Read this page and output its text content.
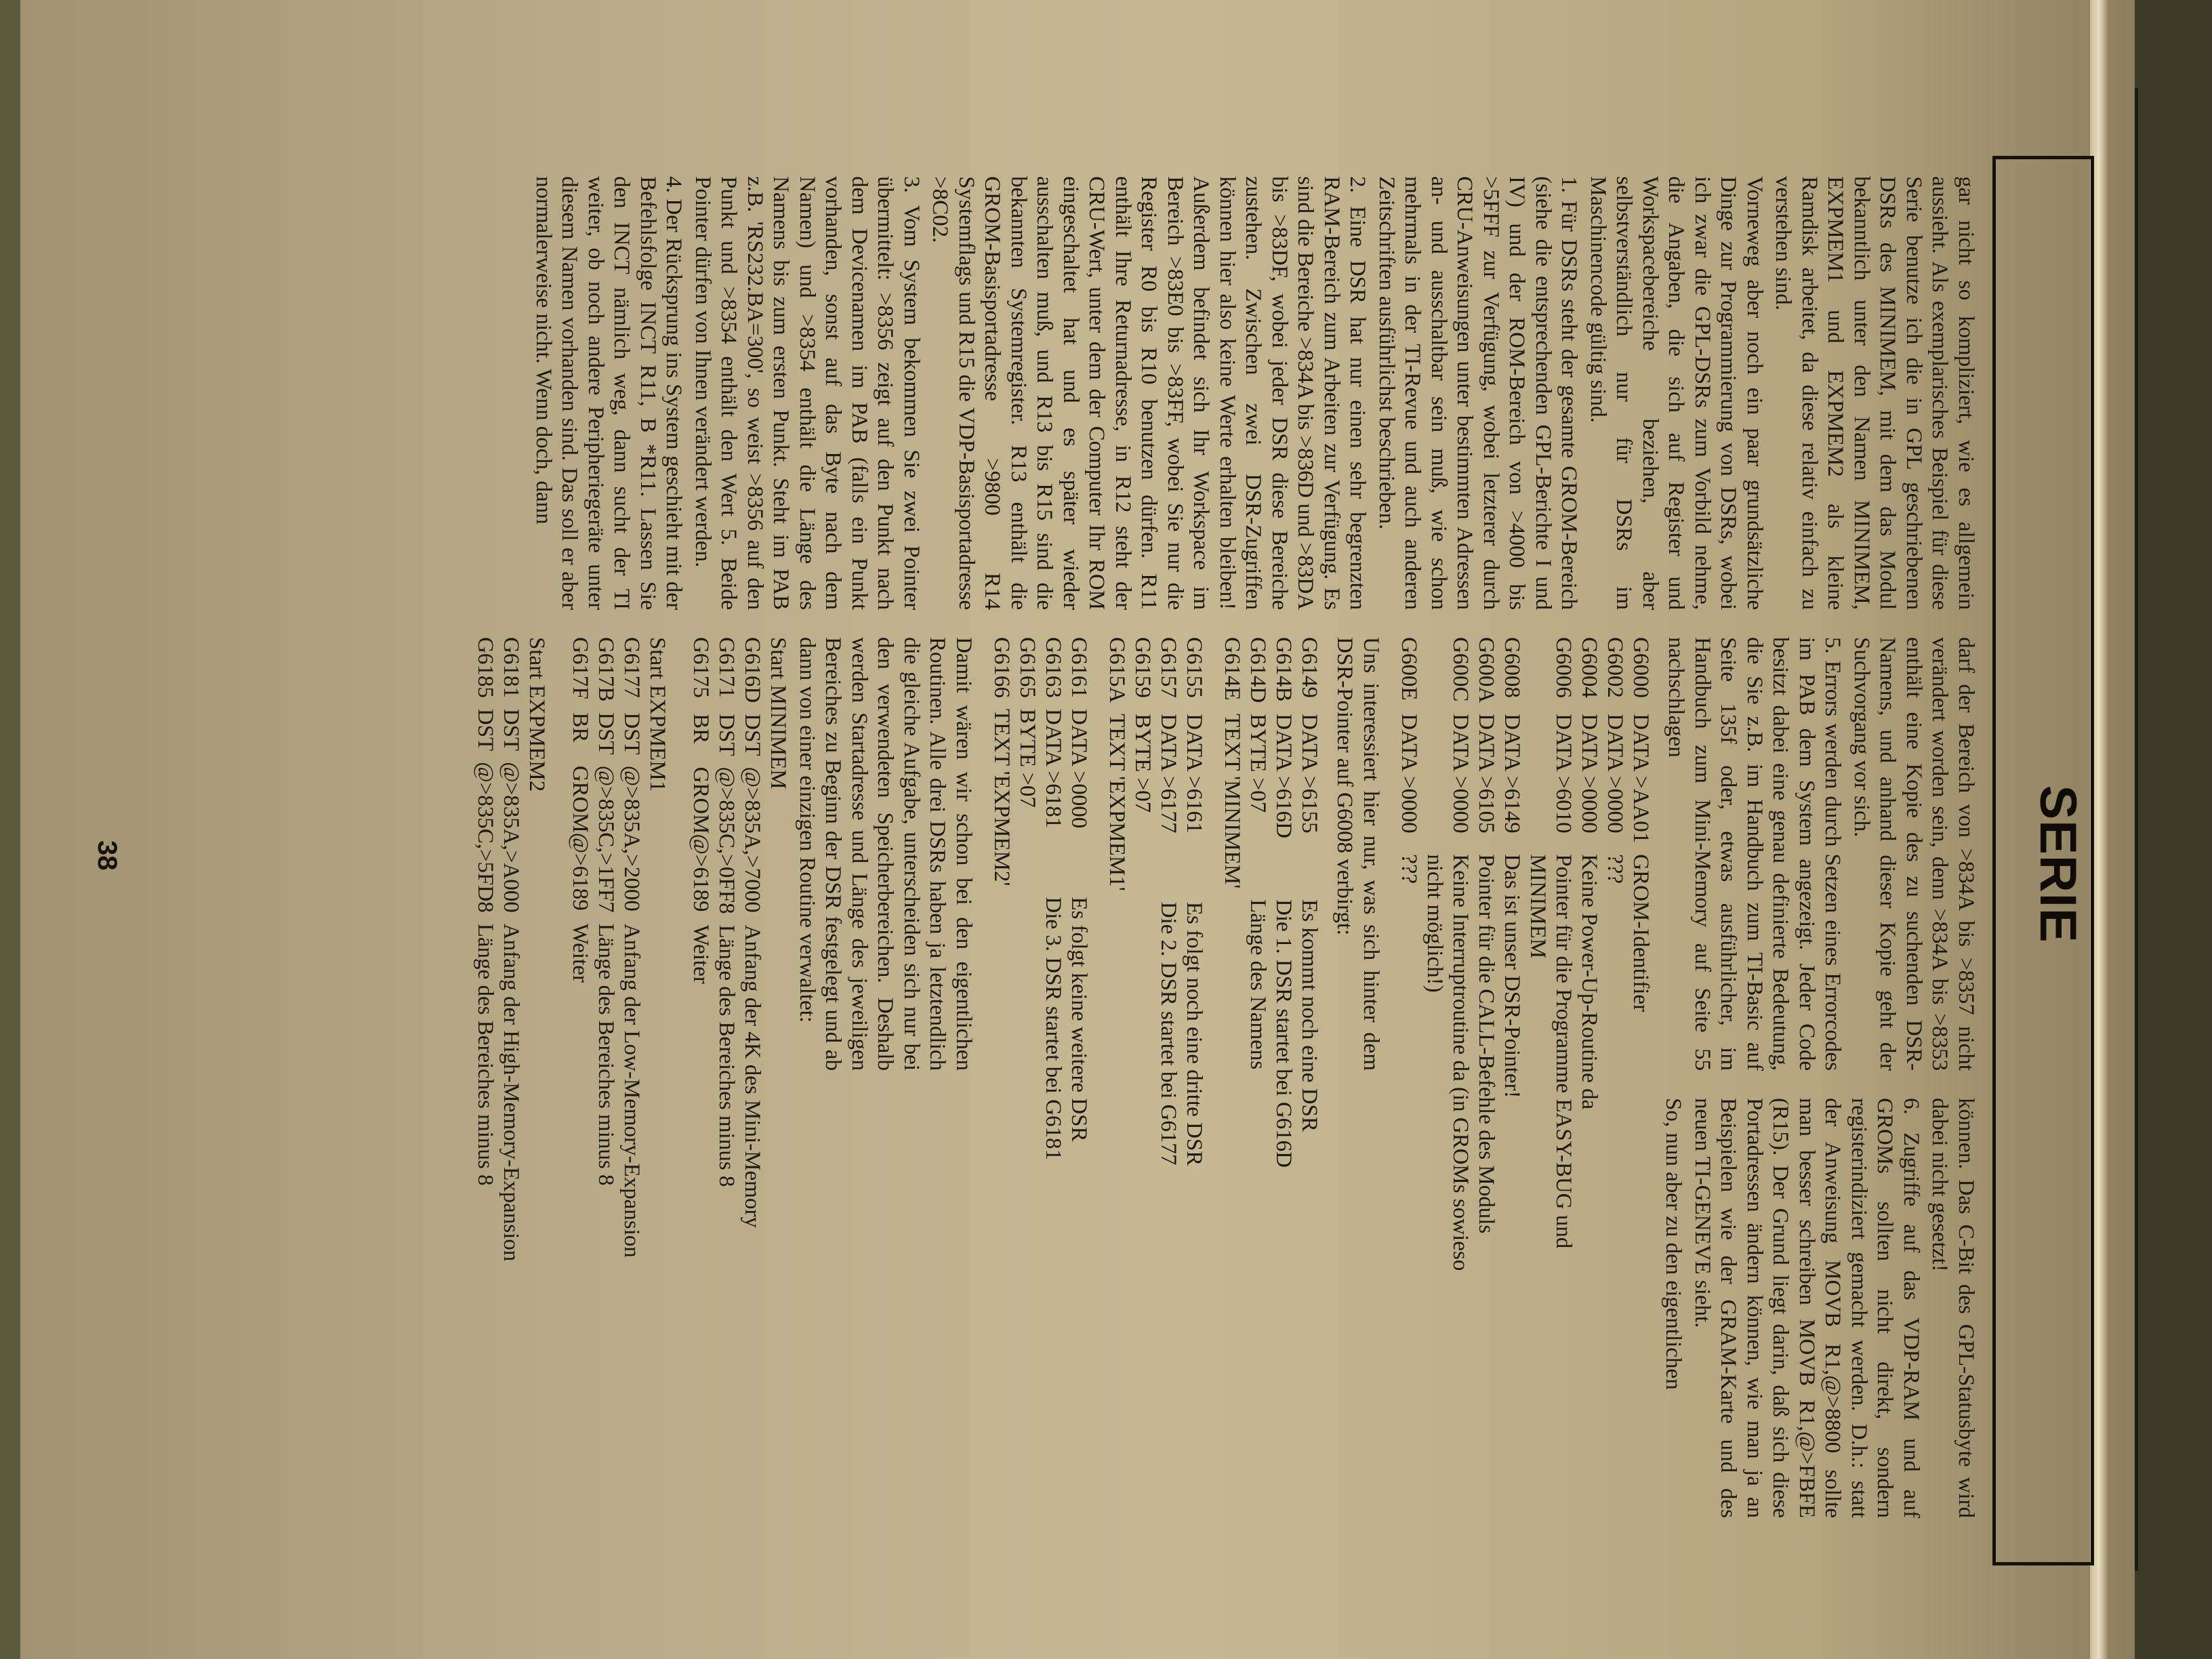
SERIE

gar nicht so kompliziert, wie es allgemein aussieht. Als exemplarisches Beispiel für diese Serie benutze ich die in GPL geschriebenen DSRs des MINIMEM, mit dem das Modul bekanntlich unter den Namen MINIMEM, EXPMEM1 und EXPMEM2 als kleine Ramdisk arbeitet, da diese relativ einfach zu verstehen sind.

Vorneweg aber noch ein paar grundsätzliche Dinge zur Programmierung von DSRs, wobei ich zwar die GPL-DSRs zum Vorbild nehme, die Angaben, die sich auf Register und Workspacebereiche beziehen, aber selbstverständlich nur für DSRs im Maschinencode gültig sind.

1. Für DSRs steht der gesamte GROM-Bereich (siehe die entsprechenden GPL-Berichte I und IV) und der ROM-Bereich von >4000 bis >5FFF zur Verfügung, wobei letzterer durch CRU-Anweisungen unter bestimmten Adressen an- und ausschaltbar sein muß, wie schon mehrmals in der TI-Revue und auch anderen Zeitschriften ausführlichst beschrieben.

2. Eine DSR hat nur einen sehr begrenzten RAM-Bereich zum Arbeiten zur Verfügung. Es sind die Bereiche >834A bis >836D und >83DA bis >83DF, wobei jeder DSR diese Bereiche zustehen. Zwischen zwei DSR-Zugriffen können hier also keine Werte erhalten bleiben! Außerdem befindet sich Ihr Workspace im Bereich >83E0 bis >83FF, wobei Sie nur die Register R0 bis R10 benutzen dürfen. R11 enthält Ihre Returnadresse, in R12 steht der CRU-Wert, unter dem der Computer Ihr ROM eingeschaltet hat und es später wieder ausschalten muß, und R13 bis R15 sind die bekannten Systemregister. R13 enthält die GROM-Basisportadresse >9800 R14 Systemflags und R15 die VDP-Basisportadresse >8C02.

3. Vom System bekommen Sie zwei Pointer übermittelt: >8356 zeigt auf den Punkt nach dem Devicenamen im PAB (falls ein Punkt vorhanden, sonst auf das Byte nach dem Namen) und >8354 enthält die Länge des Namens bis zum ersten Punkt. Steht im PAB z.B. 'RS232.BA=300', so weist >8356 auf den Punkt und >8354 enthält den Wert 5. Beide Pointer dürfen von Ihnen verändert werden.

4. Der Rücksprung ins System geschieht mit der Befehlsfolge INCT R11, B *R11. Lassen Sie den INCT nämlich weg, dann sucht der TI weiter, ob noch andere Peripheriegeräte unter diesem Namen vorhanden sind. Das soll er aber normalerweise nicht. Wenn doch, dann

darf der Bereich von >834A bis >8357 nicht verändert worden sein, denn >834A bis >8353 enthält eine Kopie des zu suchenden DSR-Namens, und anhand dieser Kopie geht der Suchvorgang vor sich.

5. Errors werden durch Setzen eines Errorcodes im PAB dem System angezeigt. Jeder Code besitzt dabei eine genau definierte Bedeutung, die Sie z.B. im Handbuch zum TI-Basic auf Seite 135f oder, etwas ausführlicher, im Handbuch zum Mini-Memory auf Seite 55 nachschlagen

G6000	DATA >AA01	GROM-Identifier
G6002	DATA >0000	???
G6004	DATA >0000	Keine Power-Up-Routine da
G6006	DATA >6010	Pointer für die Programme EASY-BUG und MINIMEM
G6008	DATA >6149	Das ist unser DSR-Pointer!
G600A	DATA >6105	Pointer für die CALL-Befehle des Moduls
G600C	DATA >0000	Keine Interruptroutine da (in GROMs sowieso nicht möglich!)
G600E	DATA >0000	???

Uns interessiert hier nur, was sich hinter dem DSR-Pointer auf G6008 verbirgt:

G6149	DATA >6155	Es kommt noch eine DSR
G614B	DATA >616D	Die 1. DSR startet bei G616D
G614D	BYTE >07	Länge des Namens
G614E	TEXT 'MINIMEM'	
G6155	DATA >6161	Es folgt noch eine dritte DSR
G6157	DATA >6177	Die 2. DSR startet bei G6177
G6159	BYTE >07	
G615A	TEXT 'EXPMEM1'	
G6161	DATA >0000	Es folgt keine weitere DSR
G6163	DATA >6181	Die 3. DSR startet bei G6181
G6165	BYTE >07	
G6166	TEXT 'EXPMEM2'	

Damit wären wir schon bei den eigentlichen Routinen. Alle drei DSRs haben ja letztendlich die gleiche Aufgabe, unterscheiden sich nur bei den verwendeten Speicherbereichen. Deshalb werden Startadresse und Länge des jeweiligen Bereiches zu Beginn der DSR festgelegt und ab dann von einer einzigen Routine verwaltet:

Start MINIMEM
G616D	DST	@>835A,>7000	Anfang der 4K des Mini-Memory
G6171	DST	@>835C,>0FF8	Länge des Bereiches minus 8
G6175	BR	GROM@>6189	Weiter
Start EXPMEM1
G6177	DST	@>835A,>2000	Anfang der Low-Memory-Expansion
G617B	DST	@>835C,>1FF7	Länge des Bereiches minus 8
G617F	BR	GROM@>6189	Weiter
Start EXPMEM2
G6181	DST	@>835A,>A000	Anfang der High-Memory-Expansion
G6185	DST	@>835C,>5FD8	Länge des Bereiches minus 8

können. Das C-Bit des GPL-Statusbyte wird dabei nicht gesetzt!

6. Zugriffe auf das VDP-RAM und auf GROMs sollten nicht direkt, sondern registerindiziert gemacht werden. D.h.: statt der Anweisung MOVB R1,@>8800 sollte man besser schreiben MOVB R1,@>FBFE (R15). Der Grund liegt darin, daß sich diese Portadressen ändern können, wie man ja an Beispielen wie der GRAM-Karte und des neuen TI-GENEVE sieht.

So, nun aber zu den eigentlichen

38
